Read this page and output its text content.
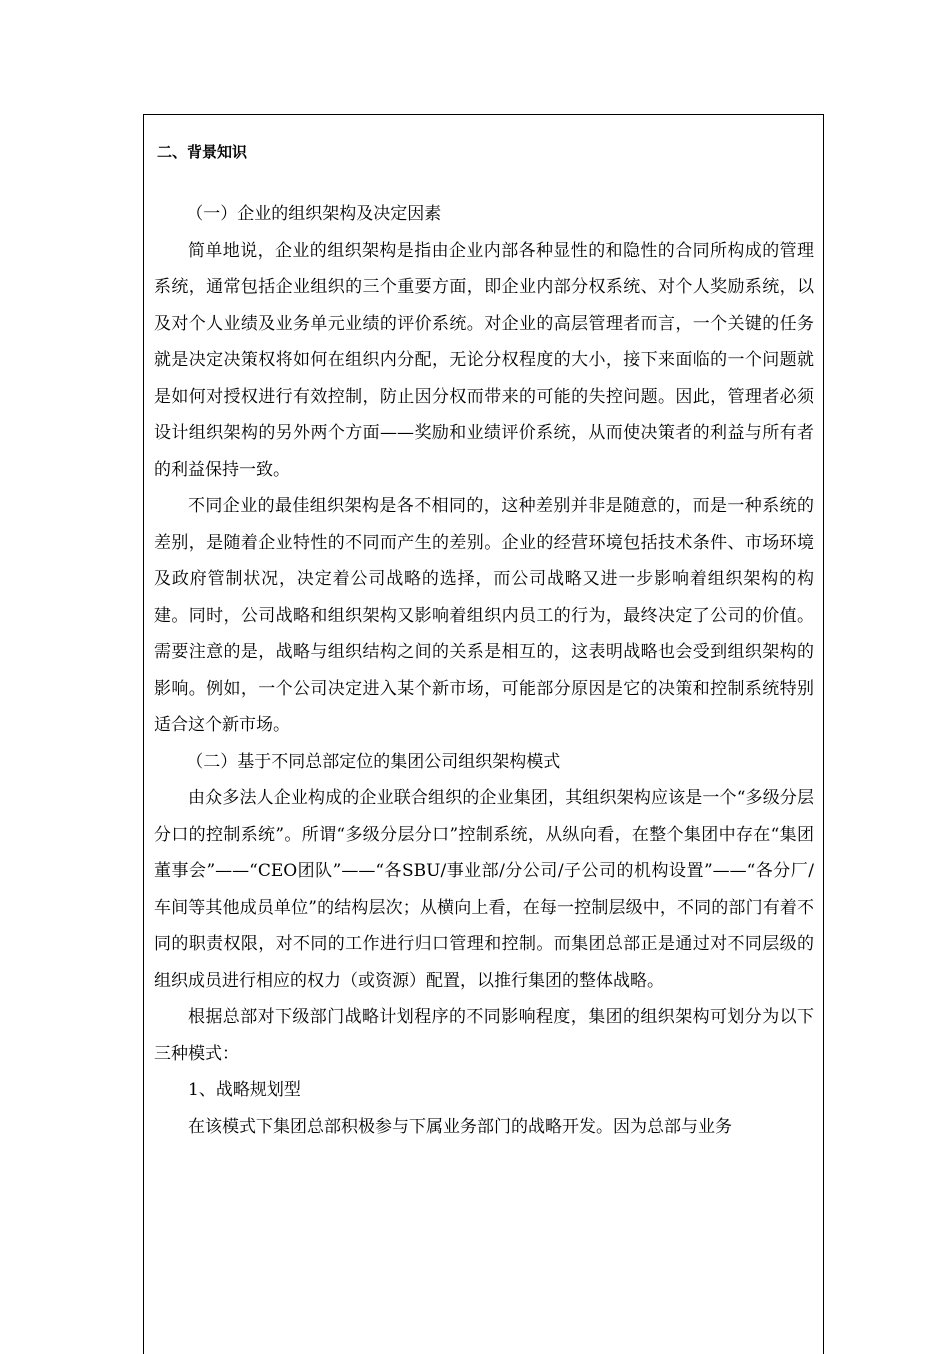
二、背景知识

（一）企业的组织架构及决定因素

简单地说，企业的组织架构是指由企业内部各种显性的和隐性的合同所构成的管理系统，通常包括企业组织的三个重要方面，即企业内部分权系统、对个人奖励系统，以及对个人业绩及业务单元业绩的评价系统。对企业的高层管理者而言，一个关键的任务就是决定决策权将如何在组织内分配，无论分权程度的大小，接下来面临的一个问题就是如何对授权进行有效控制，防止因分权而带来的可能的失控问题。因此，管理者必须设计组织架构的另外两个方面——奖励和业绩评价系统，从而使决策者的利益与所有者的利益保持一致。

不同企业的最佳组织架构是各不相同的，这种差别并非是随意的，而是一种系统的差别，是随着企业特性的不同而产生的差别。企业的经营环境包括技术条件、市场环境及政府管制状况，决定着公司战略的选择，而公司战略又进一步影响着组织架构的构建。同时，公司战略和组织架构又影响着组织内员工的行为，最终决定了公司的价值。需要注意的是，战略与组织结构之间的关系是相互的，这表明战略也会受到组织架构的影响。例如，一个公司决定进入某个新市场，可能部分原因是它的决策和控制系统特别适合这个新市场。

（二）基于不同总部定位的集团公司组织架构模式

由众多法人企业构成的企业联合组织的企业集团，其组织架构应该是一个“多级分层分口的控制系统”。所谓“多级分层分口”控制系统，从纵向看，在整个集团中存在“集团董事会”——“CEO团队”——“各SBU/事业部/分公司/子公司的机构设置”——“各分厂/车间等其他成员单位”的结构层次；从横向上看，在每一控制层级中，不同的部门有着不同的职责权限，对不同的工作进行归口管理和控制。而集团总部正是通过对不同层级的组织成员进行相应的权力（或资源）配置，以推行集团的整体战略。

根据总部对下级部门战略计划程序的不同影响程度，集团的组织架构可划分为以下三种模式：

1、战略规划型

在该模式下集团总部积极参与下属业务部门的战略开发。因为总部与业务
